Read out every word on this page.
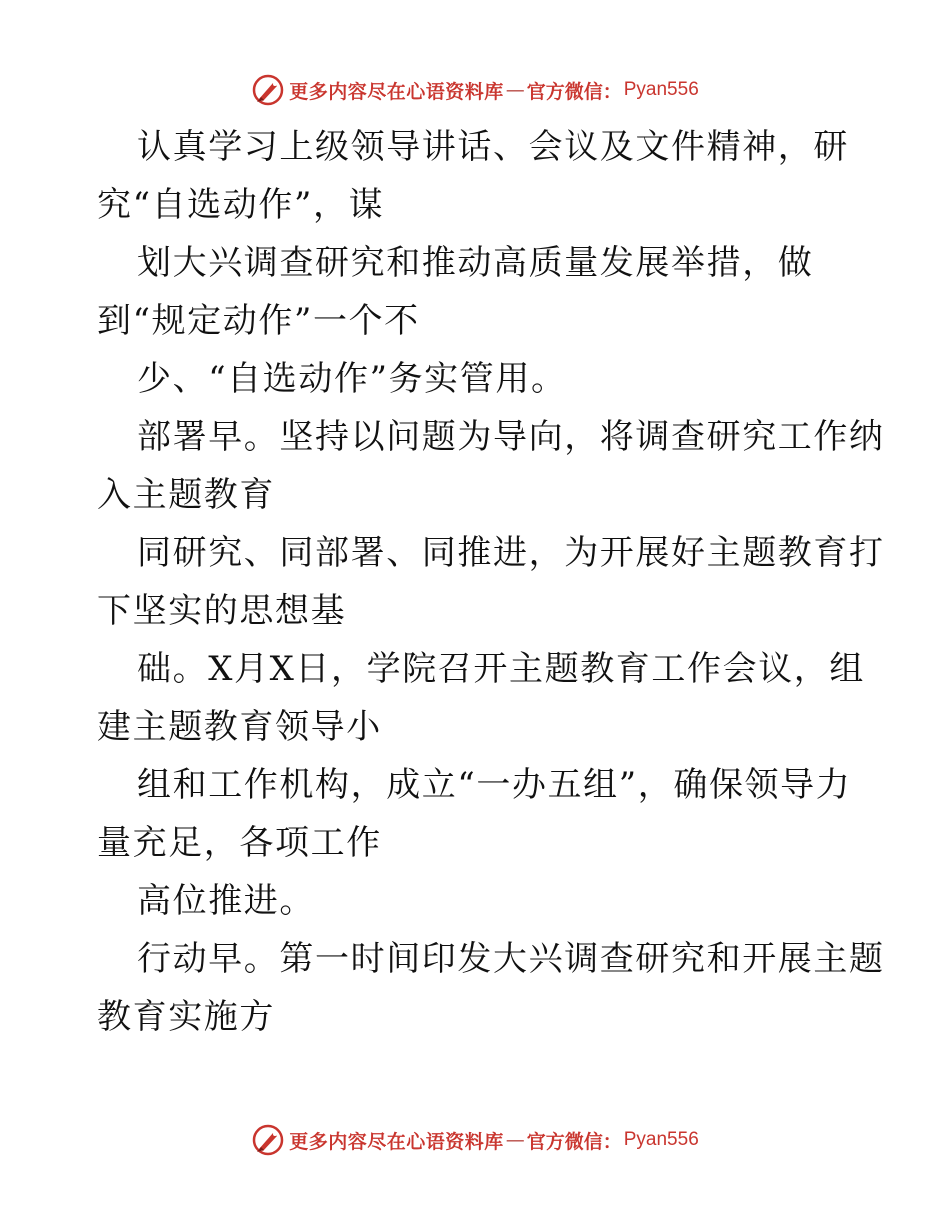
更多内容尽在心语资料库 — 官方微信： Pyan556

认真学习上级领导讲话、会议及文件精神，研
究“自选动作”，谋

划大兴调查研究和推动高质量发展举措，做
到“规定动作”一个不

少、“自选动作”务实管用。

部署早。坚持以问题为导向，将调查研究工作纳
入主题教育

同研究、同部署、同推进，为开展好主题教育打
下坚实的思想基

础。X月X日，学院召开主题教育工作会议，组
建主题教育领导小

组和工作机构，成立“一办五组”，确保领导力
量充足，各项工作

高位推进。

行动早。第一时间印发大兴调查研究和开展主题
教育实施方

更多内容尽在心语资料库 — 官方微信： Pyan556
